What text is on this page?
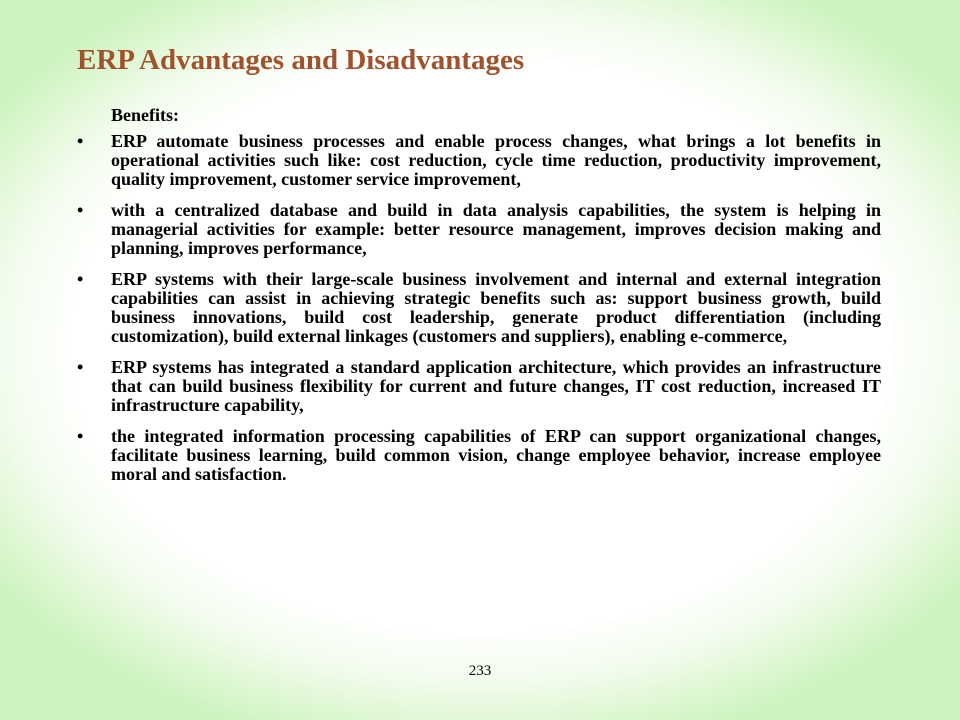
ERP Advantages and Disadvantages
Benefits:
•	ERP automate business processes and enable process changes, what brings a lot benefits in operational activities such like: cost reduction, cycle time reduction, productivity improvement, quality improvement, customer service improvement,
•	with a centralized database and build in data analysis capabilities, the system is helping in managerial activities for example: better resource management, improves decision making and planning, improves performance,
•	ERP systems with their large-scale business involvement and internal and external integration capabilities can assist in achieving strategic benefits such as: support business growth, build business innovations, build cost leadership, generate product differentiation (including customization), build external linkages (customers and suppliers), enabling e-commerce,
•	ERP systems has integrated a standard application architecture, which provides an infrastructure that can build business flexibility for current and future changes, IT cost reduction, increased IT infrastructure capability,
•	the integrated information processing capabilities of ERP can support organizational changes, facilitate business learning, build common vision, change employee behavior, increase employee moral and satisfaction.
233
